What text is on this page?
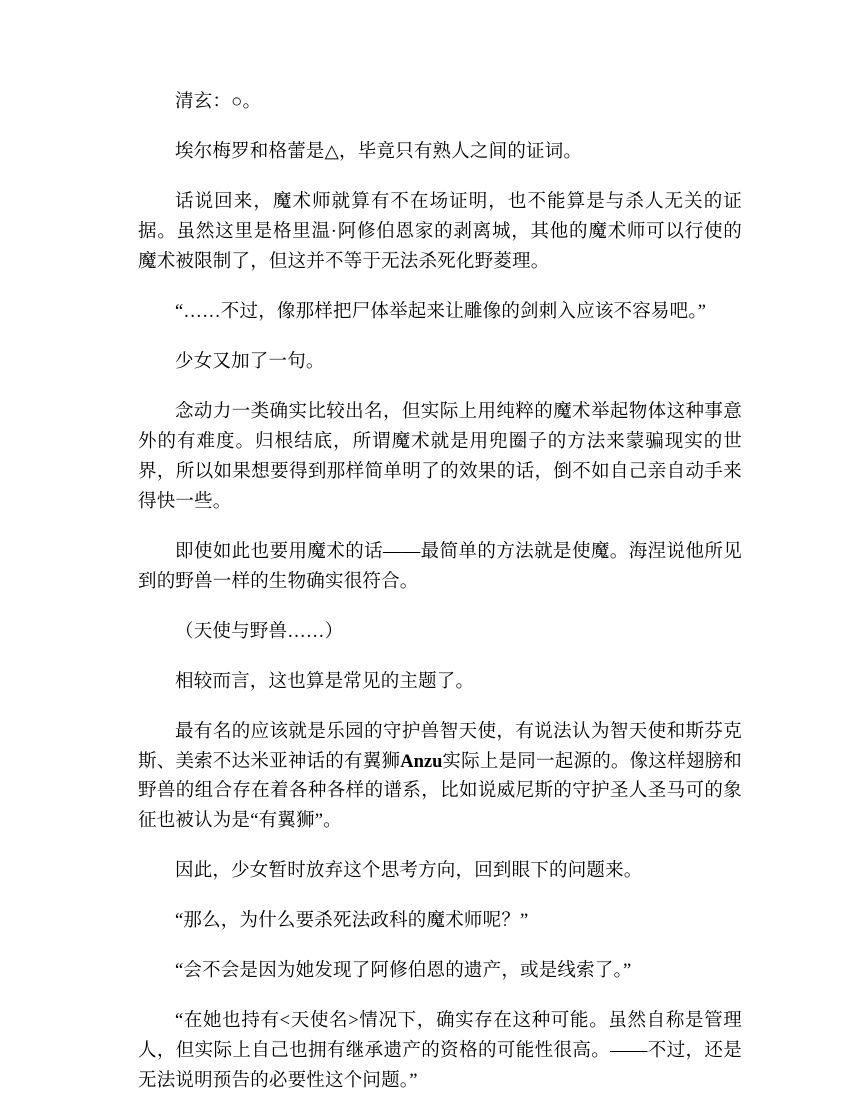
清玄：○。

埃尔梅罗和格蕾是△，毕竟只有熟人之间的证词。

话说回来，魔术师就算有不在场证明，也不能算是与杀人无关的证据。虽然这里是格里温·阿修伯恩家的剥离城，其他的魔术师可以行使的魔术被限制了，但这并不等于无法杀死化野菱理。

“……不过，像那样把尸体举起来让雕像的剑刺入应该不容易吧。”

少女又加了一句。

念动力一类确实比较出名，但实际上用纯粹的魔术举起物体这种事意外的有难度。归根结底，所谓魔术就是用兜圈子的方法来蒙骗现实的世界，所以如果想要得到那样简单明了的效果的话，倒不如自己亲自动手来得快一些。

即使如此也要用魔术的话——最简单的方法就是使魔。海涅说他所见到的野兽一样的生物确实很符合。

（天使与野兽……）

相较而言，这也算是常见的主题了。

最有名的应该就是乐园的守护兽智天使，有说法认为智天使和斯芬克斯、美索不达米亚神话的有翼狮Anzu实际上是同一起源的。像这样翅膀和野兽的组合存在着各种各样的谱系，比如说威尼斯的守护圣人圣马可的象征也被认为是“有翼狮”。

因此，少女暂时放弃这个思考方向，回到眼下的问题来。

“那么，为什么要杀死法政科的魔术师呢？”

“会不会是因为她发现了阿修伯恩的遗产，或是线索了。”

“在她也持有<天使名>情况下，确实存在这种可能。虽然自称是管理人，但实际上自己也拥有继承遗产的资格的可能性很高。——不过，还是无法说明预告的必要性这个问题。”
